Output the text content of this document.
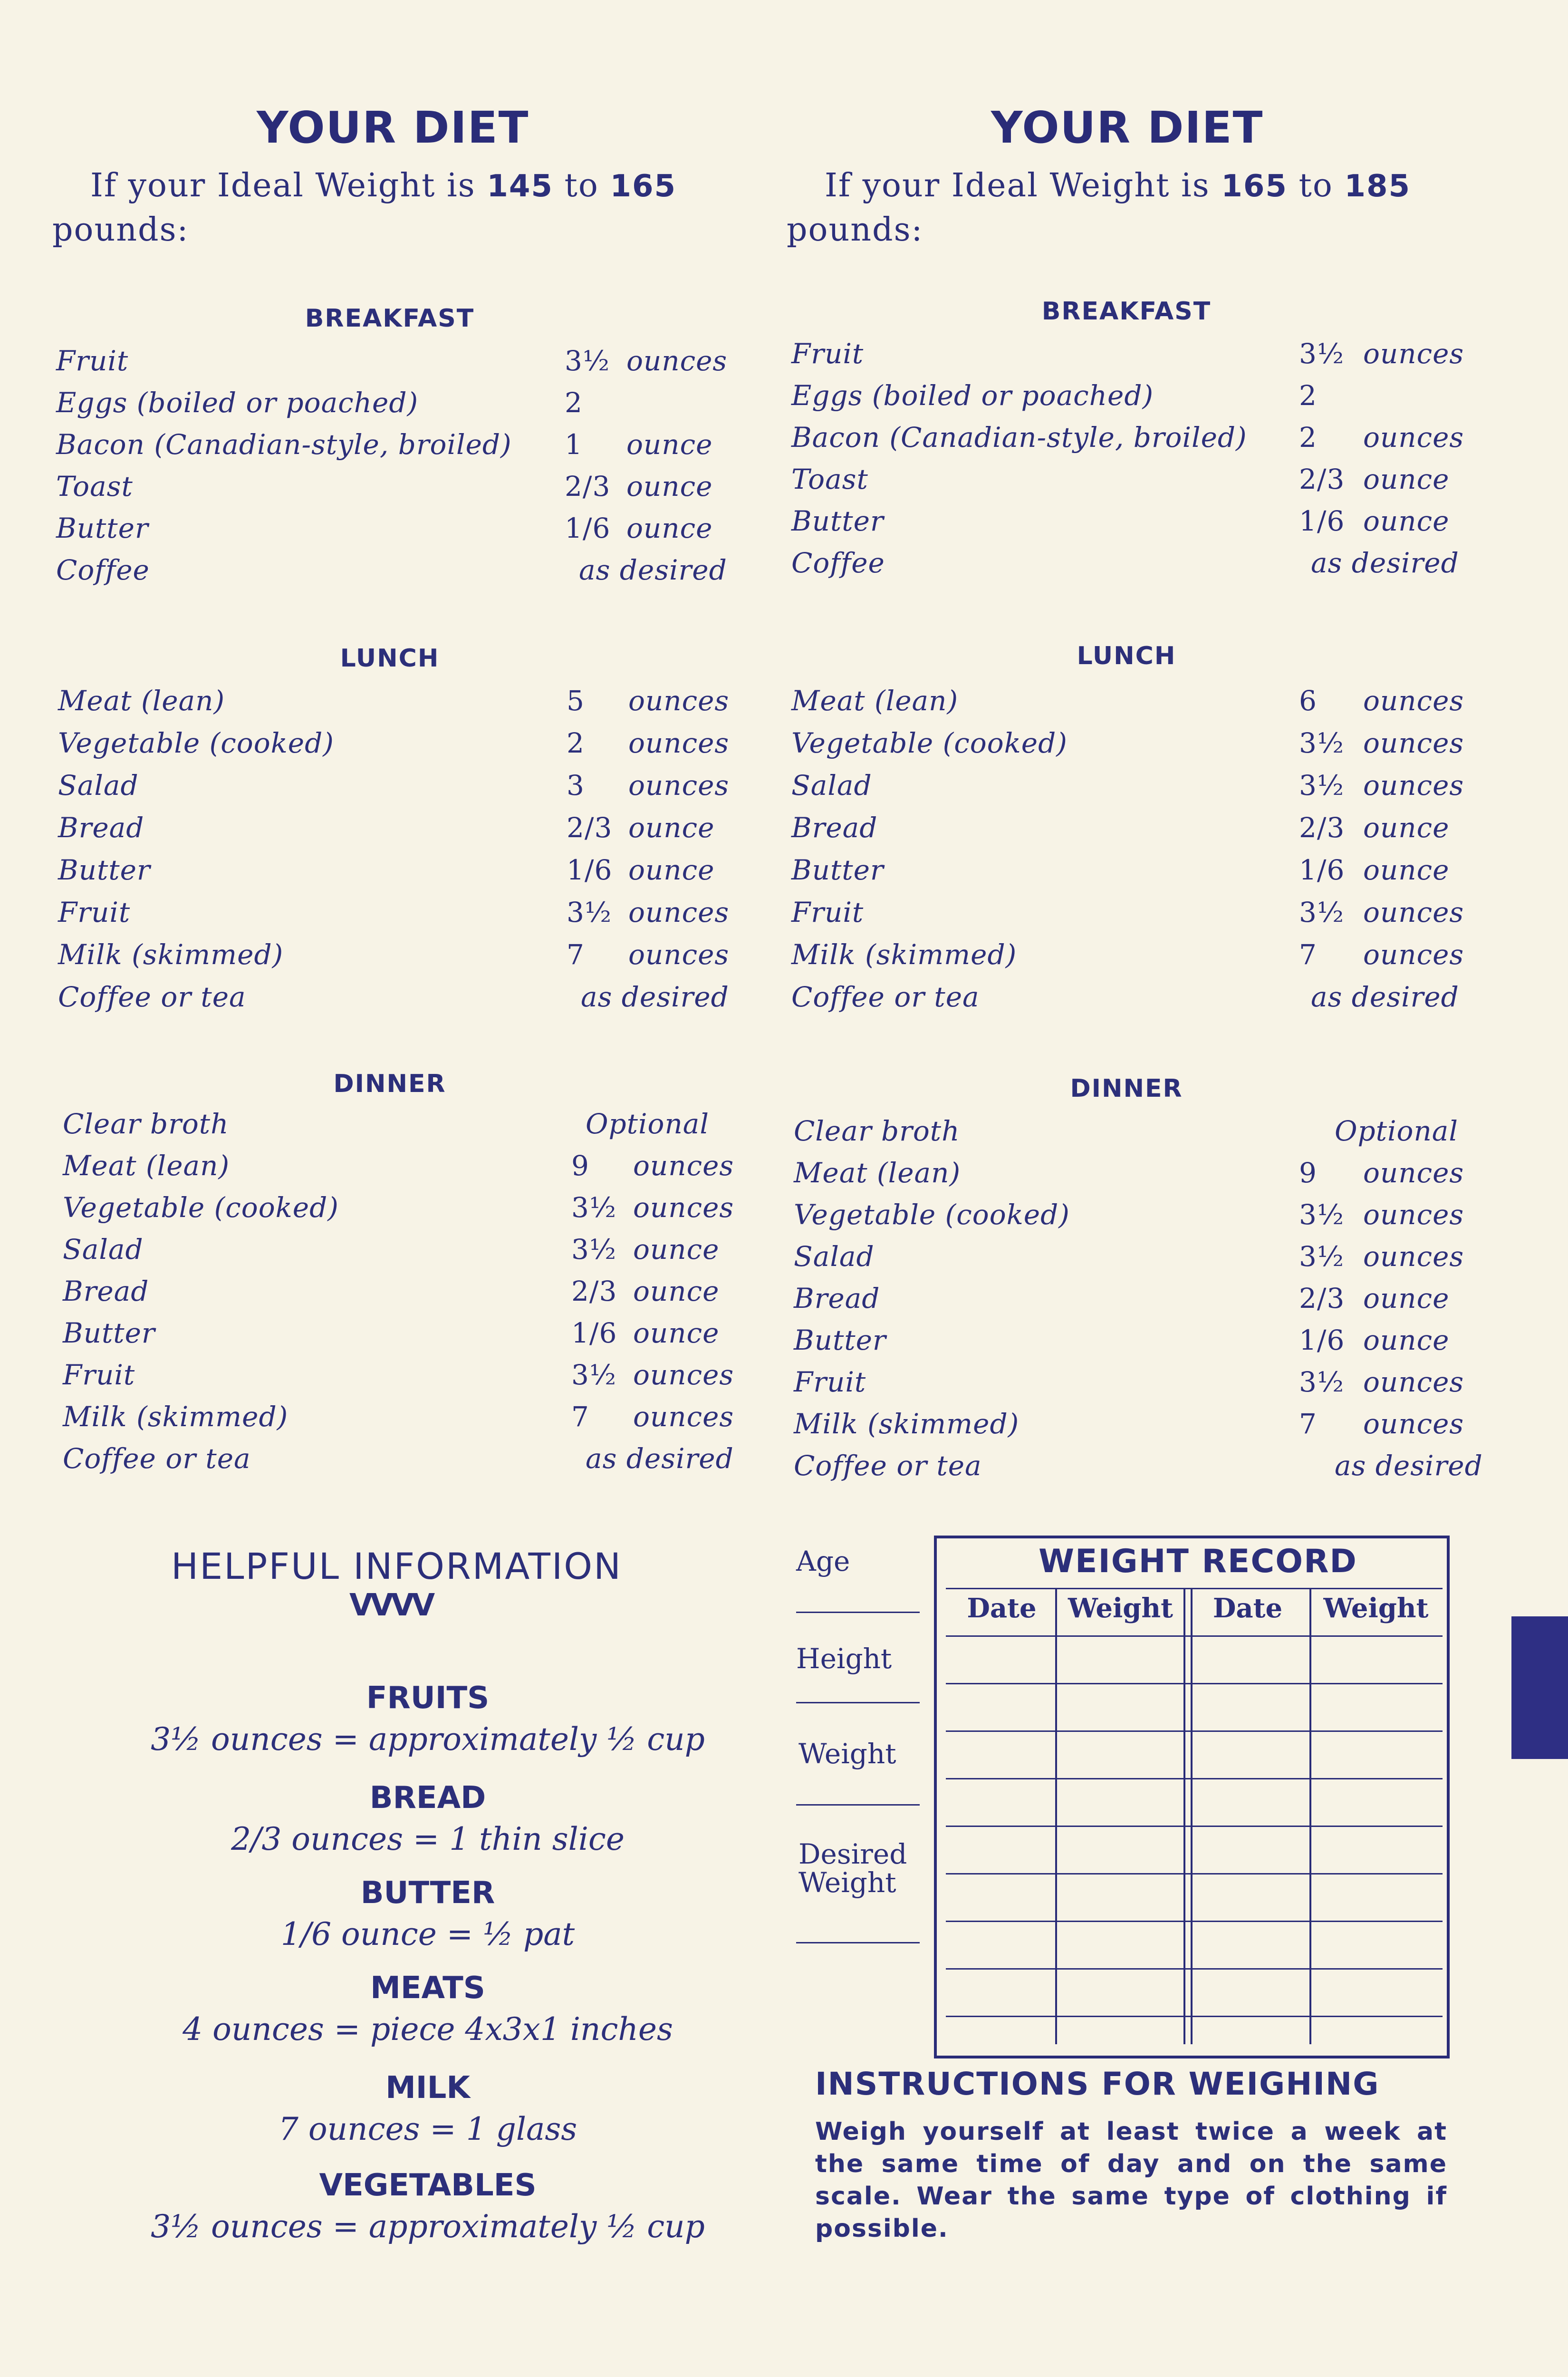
YOUR DIET
If your Ideal Weight is 145 to 165
pounds:
BREAKFAST
Fruit	3½ ounces
Eggs (boiled or poached)	2
Bacon (Canadian-style, broiled) 1 ounce
Toast	2/3 ounce
Butter	1/6 ounce
Coffee	as desired
LUNCH
Meat (lean)	5 ounces
Vegetable (cooked)	2 ounces
Salad	3 ounces
Bread	2/3 ounce
Butter	1/6 ounce
Fruit	3½ ounces
Milk (skimmed)	7 ounces
Coffee or tea	as desired
DINNER
Clear broth	Optional
Meat (lean)	9 ounces
Vegetable (cooked)	3½ ounces
Salad	3½ ounce
Bread	2/3 ounce
Butter	1/6 ounce
Fruit	3½ ounces
Milk (skimmed)	7 ounces
Coffee or tea	as desired
YOUR DIET
If your Ideal Weight is 165 to 185
pounds:
BREAKFAST
Fruit	3½ ounces
Eggs (boiled or poached)	2
Bacon (Canadian-style, broiled) 2 ounces
Toast	2/3 ounce
Butter	1/6 ounce
Coffee	as desired
LUNCH
Meat (lean)	6 ounces
Vegetable (cooked)	3½ ounces
Salad	3½ ounces
Bread	2/3 ounce
Butter	1/6 ounce
Fruit	3½ ounces
Milk (skimmed)	7 ounces
Coffee or tea	as desired
DINNER
Clear broth	Optional
Meat (lean)	9 ounces
Vegetable (cooked)	3½ ounces
Salad	3½ ounces
Bread	2/3 ounce
Butter	1/6 ounce
Fruit	3½ ounces
Milk (skimmed)	7 ounces
Coffee or tea	as desired
HELPFUL INFORMATION
ᐯᐯᐯᐯ
FRUITS
3½ ounces = approximately ½ cup
BREAD
2/3 ounces = 1 thin slice
BUTTER
1/6 ounce = ½ pat
MEATS
4 ounces = piece 4x3x1 inches
MILK
7 ounces = 1 glass
VEGETABLES
3½ ounces = approximately ½ cup
Age
Height
Weight
Desired
Weight
WEIGHT RECORD
Date	Weight	Date	Weight
INSTRUCTIONS FOR WEIGHING
Weigh yourself at least twice a week at the same time of day and on the same scale. Wear the same type of clothing if possible.
